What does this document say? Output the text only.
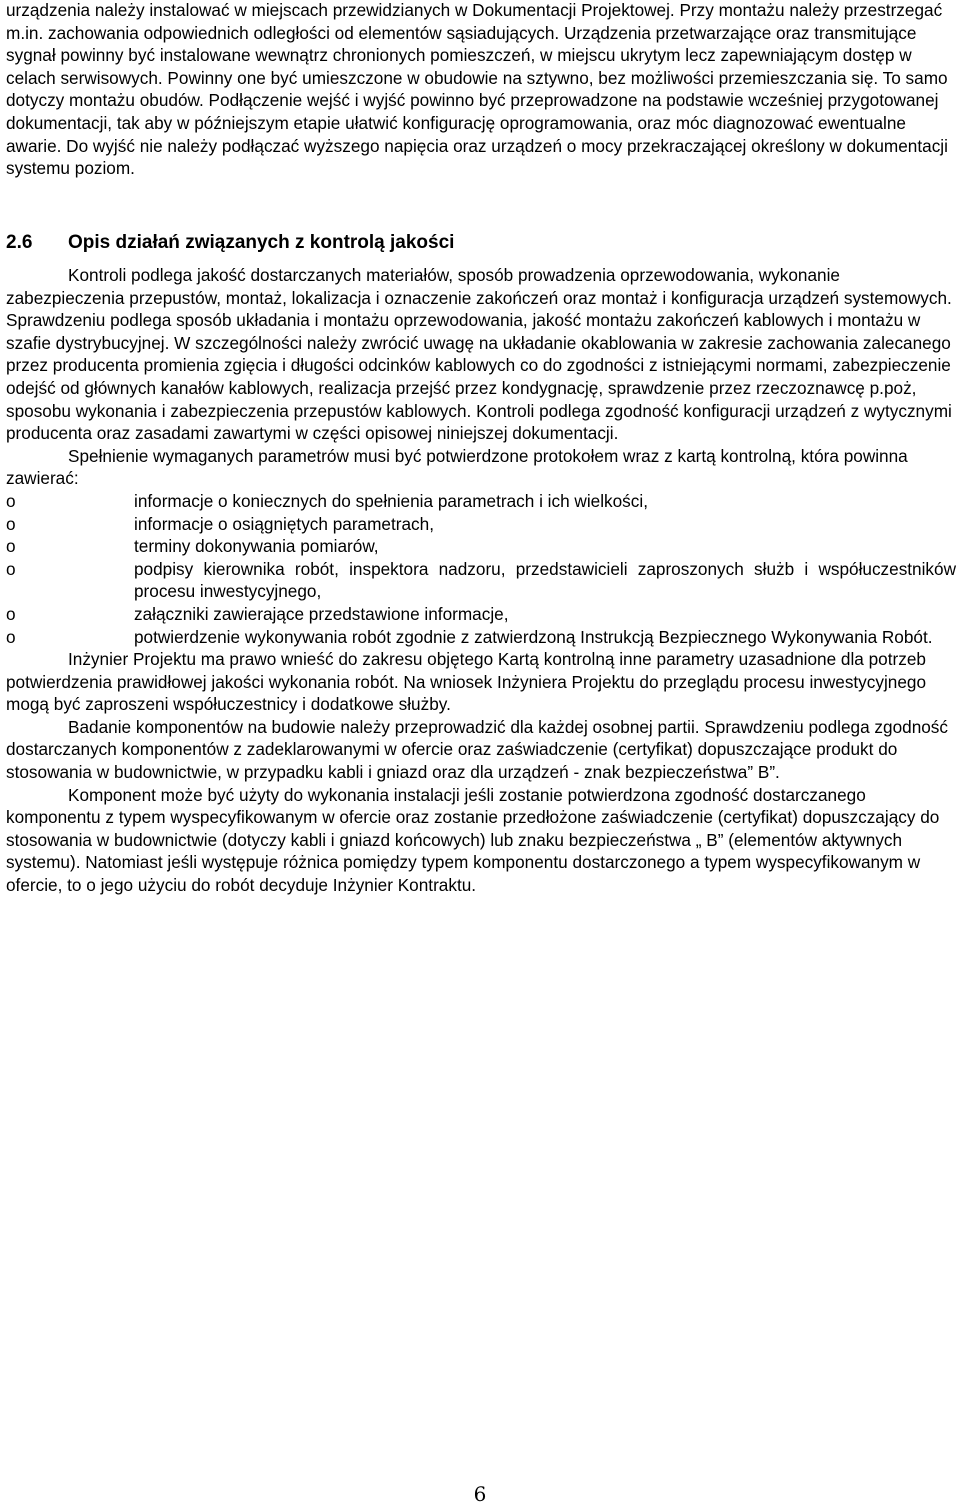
urządzenia należy instalować w miejscach przewidzianych w Dokumentacji Projektowej. Przy montażu należy przestrzegać m.in. zachowania odpowiednich odległości od elementów sąsiadujących. Urządzenia przetwarzające oraz transmitujące sygnał powinny być instalowane wewnątrz chronionych pomieszczeń, w miejscu ukrytym lecz zapewniającym dostęp w celach serwisowych. Powinny one być umieszczone w obudowie na sztywno, bez możliwości przemieszczania się. To samo dotyczy montażu obudów. Podłączenie wejść i wyjść powinno być przeprowadzone na podstawie wcześniej przygotowanej dokumentacji, tak aby w późniejszym etapie ułatwić konfigurację oprogramowania, oraz móc diagnozować ewentualne awarie. Do wyjść nie należy podłączać wyższego napięcia oraz urządzeń o mocy przekraczającej określony w dokumentacji systemu poziom.

2.6 Opis działań związanych z kontrolą jakości

Kontroli podlega jakość dostarczanych materiałów, sposób prowadzenia oprzewodowania, wykonanie zabezpieczenia przepustów, montaż, lokalizacja i oznaczenie zakończeń oraz montaż i konfiguracja urządzeń systemowych. Sprawdzeniu podlega sposób układania i montażu oprzewodowania, jakość montażu zakończeń kablowych i montażu w szafie dystrybucyjnej. W szczególności należy zwrócić uwagę na układanie okablowania w zakresie zachowania zalecanego przez producenta promienia zgięcia i długości odcinków kablowych co do zgodności z istniejącymi normami, zabezpieczenie odejść od głównych kanałów kablowych, realizacja przejść przez kondygnację, sprawdzenie przez rzeczoznawcę p.poż, sposobu wykonania i zabezpieczenia przepustów kablowych. Kontroli podlega zgodność konfiguracji urządzeń z wytycznymi producenta oraz zasadami zawartymi w części opisowej niniejszej dokumentacji.

Spełnienie wymaganych parametrów musi być potwierdzone protokołem wraz z kartą kontrolną, która powinna zawierać:

o	informacje o koniecznych do spełnienia parametrach i ich wielkości,
o	informacje o osiągniętych parametrach,
o	terminy dokonywania pomiarów,
o	podpisy kierownika robót, inspektora nadzoru, przedstawicieli zaproszonych służb i współuczestników procesu inwestycyjnego,
o	załączniki zawierające przedstawione informacje,
o	potwierdzenie wykonywania robót zgodnie z zatwierdzoną Instrukcją Bezpiecznego Wykonywania Robót.

Inżynier Projektu ma prawo wnieść do zakresu objętego Kartą kontrolną inne parametry uzasadnione dla potrzeb potwierdzenia prawidłowej jakości wykonania robót. Na wniosek Inżyniera Projektu do przeglądu procesu inwestycyjnego mogą być zaproszeni współuczestnicy i dodatkowe służby.

Badanie komponentów na budowie należy przeprowadzić dla każdej osobnej partii. Sprawdzeniu podlega zgodność dostarczanych komponentów z zadeklarowanymi w ofercie oraz zaświadczenie (certyfikat) dopuszczające produkt do stosowania w budownictwie, w przypadku kabli i gniazd oraz dla urządzeń - znak bezpieczeństwa” B”.

Komponent może być użyty do wykonania instalacji jeśli zostanie potwierdzona zgodność dostarczanego komponentu z typem wyspecyfikowanym w ofercie oraz zostanie przedłożone zaświadczenie (certyfikat) dopuszczający do stosowania w budownictwie (dotyczy kabli i gniazd końcowych) lub znaku bezpieczeństwa „ B” (elementów aktywnych systemu). Natomiast jeśli występuje różnica pomiędzy typem komponentu dostarczonego a typem wyspecyfikowanym w ofercie, to o jego użyciu do robót decyduje Inżynier Kontraktu.

6
